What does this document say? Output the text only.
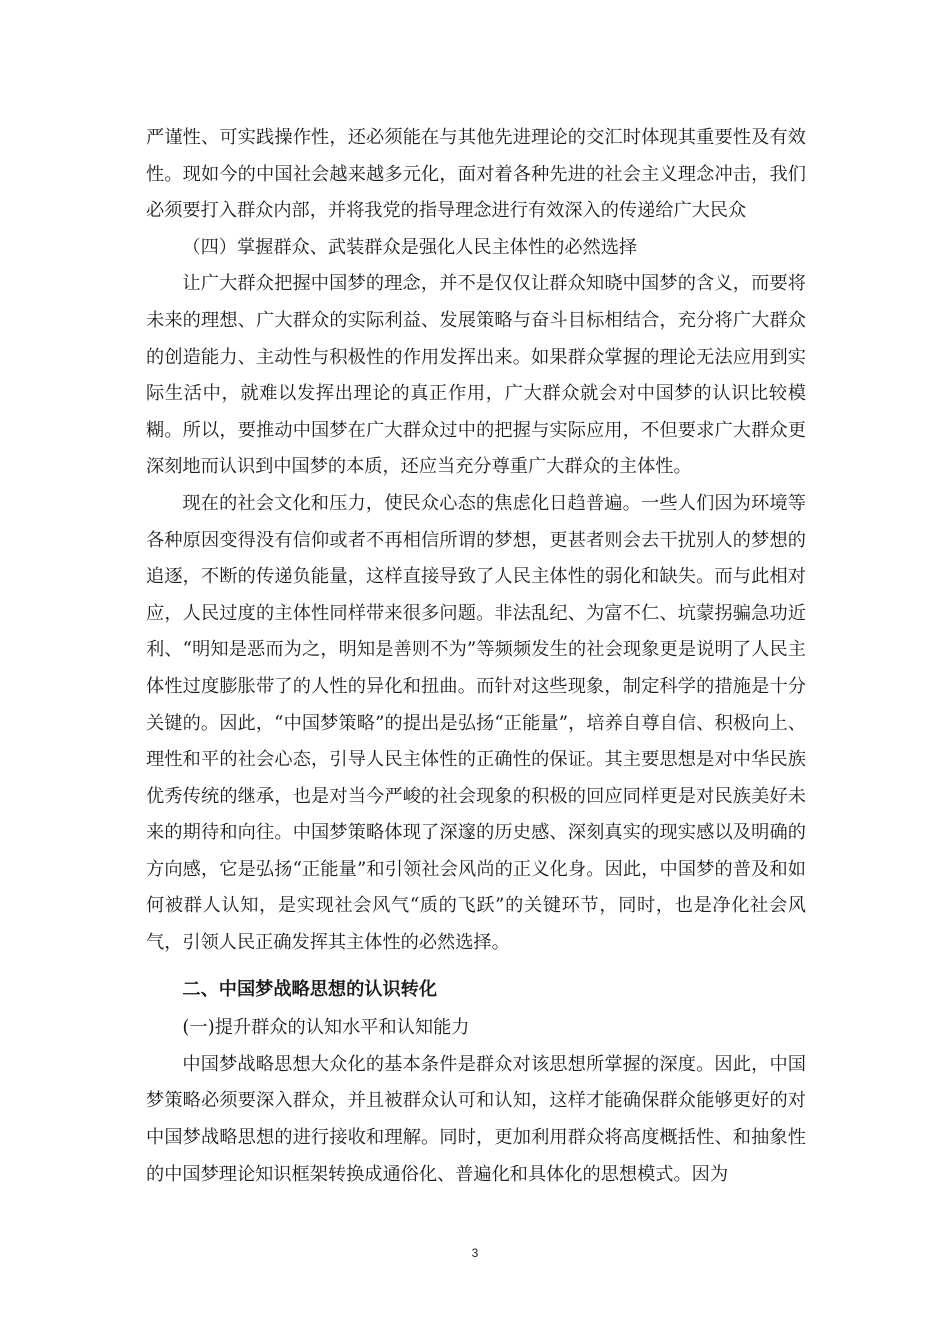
严谨性、可实践操作性，还必须能在与其他先进理论的交汇时体现其重要性及有效性。现如今的中国社会越来越多元化，面对着各种先进的社会主义理念冲击，我们必须要打入群众内部，并将我党的指导理念进行有效深入的传递给广大民众

（四）掌握群众、武装群众是强化人民主体性的必然选择

让广大群众把握中国梦的理念，并不是仅仅让群众知晓中国梦的含义，而要将未来的理想、广大群众的实际利益、发展策略与奋斗目标相结合，充分将广大群众的创造能力、主动性与积极性的作用发挥出来。如果群众掌握的理论无法应用到实际生活中，就难以发挥出理论的真正作用，广大群众就会对中国梦的认识比较模糊。所以，要推动中国梦在广大群众过中的把握与实际应用，不但要求广大群众更深刻地而认识到中国梦的本质，还应当充分尊重广大群众的主体性。

现在的社会文化和压力，使民众心态的焦虑化日趋普遍。一些人们因为环境等各种原因变得没有信仰或者不再相信所谓的梦想，更甚者则会去干扰别人的梦想的追逐，不断的传递负能量，这样直接导致了人民主体性的弱化和缺失。而与此相对应，人民过度的主体性同样带来很多问题。非法乱纪、为富不仁、坑蒙拐骗急功近利、“明知是恶而为之，明知是善则不为”等频频发生的社会现象更是说明了人民主体性过度膨胀带了的人性的异化和扭曲。而针对这些现象，制定科学的措施是十分关键的。因此，“中国梦策略”的提出是弘扬“正能量”，培养自尊自信、积极向上、理性和平的社会心态，引导人民主体性的正确性的保证。其主要思想是对中华民族优秀传统的继承，也是对当今严峻的社会现象的积极的回应同样更是对民族美好未来的期待和向往。中国梦策略体现了深邃的历史感、深刻真实的现实感以及明确的方向感，它是弘扬“正能量”和引领社会风尚的正义化身。因此，中国梦的普及和如何被群人认知，是实现社会风气“质的飞跃”的关键环节，同时，也是净化社会风气，引领人民正确发挥其主体性的必然选择。

二、中国梦战略思想的认识转化
(一)提升群众的认知水平和认知能力

中国梦战略思想大众化的基本条件是群众对该思想所掌握的深度。因此，中国梦策略必须要深入群众，并且被群众认可和认知，这样才能确保群众能够更好的对中国梦战略思想的进行接收和理解。同时，更加利用群众将高度概括性、和抽象性的中国梦理论知识框架转换成通俗化、普遍化和具体化的思想模式。因为

3
